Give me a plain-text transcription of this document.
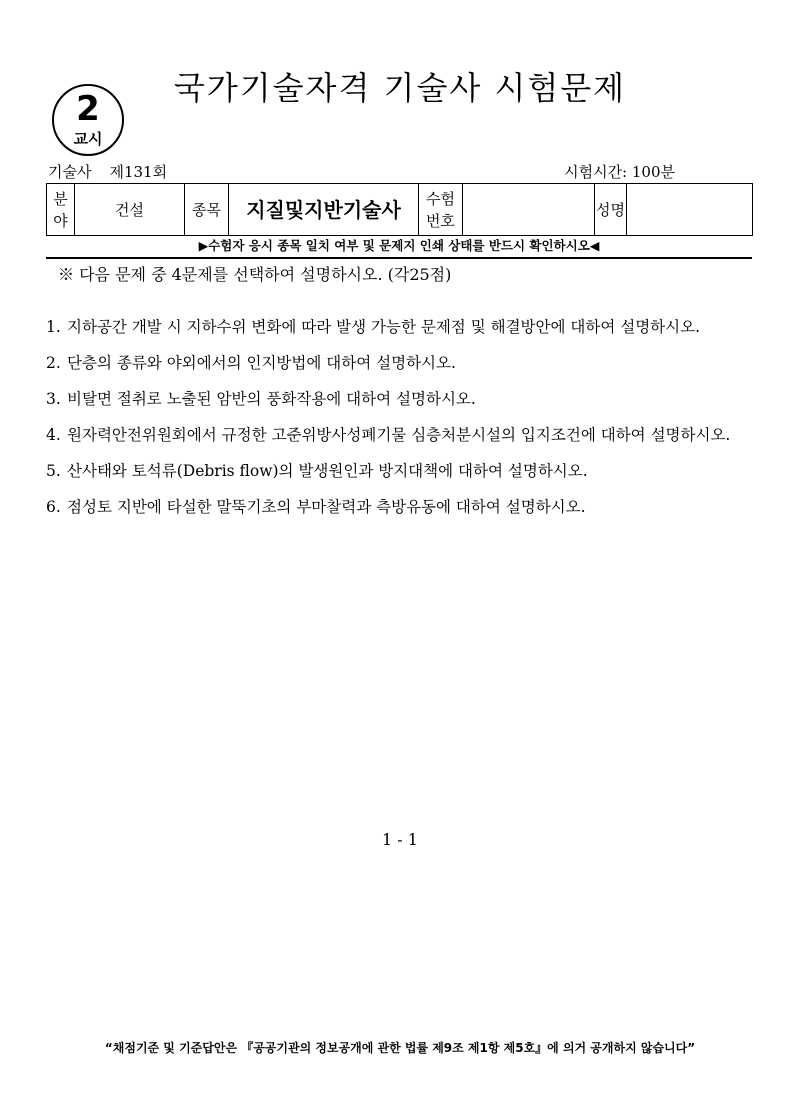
2
교시
국가기술자격 기술사 시험문제
기술사 제131회	시험시간: 100분
분야	건설	종목	지질및지반기술사	수험번호		성명	
▶수험자 응시 종목 일치 여부 및 문제지 인쇄 상태를 반드시 확인하시오◀
※ 다음 문제 중 4문제를 선택하여 설명하시오. (각25점)
1. 지하공간 개발 시 지하수위 변화에 따라 발생 가능한 문제점 및 해결방안에 대하여 설명하시오.
2. 단층의 종류와 야외에서의 인지방법에 대하여 설명하시오.
3. 비탈면 절취로 노출된 암반의 풍화작용에 대하여 설명하시오.
4. 원자력안전위원회에서 규정한 고준위방사성폐기물 심층처분시설의 입지조건에 대하여 설명하시오.
5. 산사태와 토석류(Debris flow)의 발생원인과 방지대책에 대하여 설명하시오.
6. 점성토 지반에 타설한 말뚝기초의 부마찰력과 측방유동에 대하여 설명하시오.
1 - 1
“채점기준 및 기준답안은 『공공기관의 정보공개에 관한 법률 제9조 제1항 제5호』에 의거 공개하지 않습니다”
